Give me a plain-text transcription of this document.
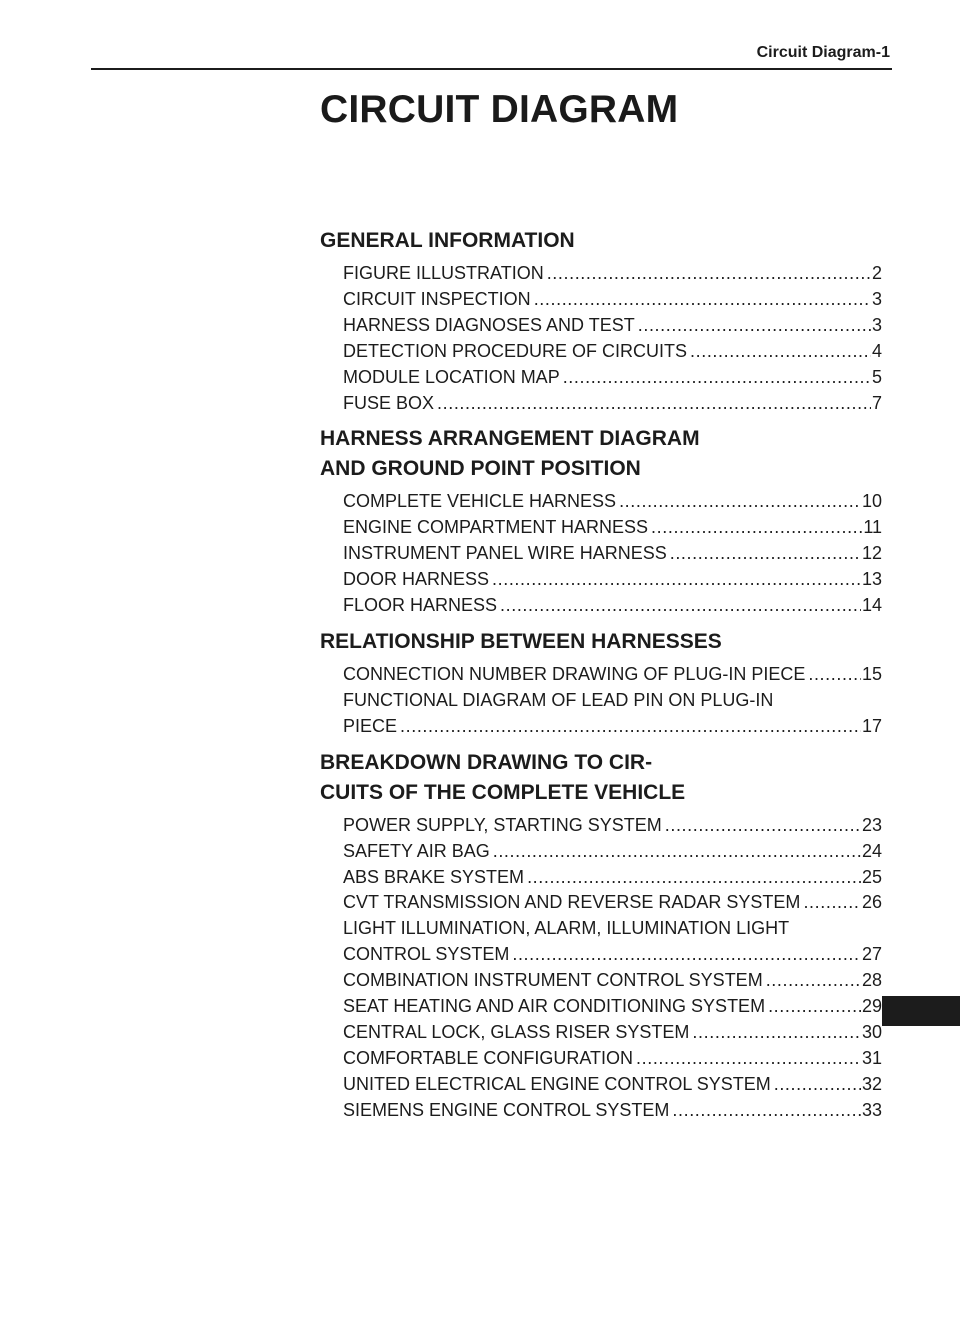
Circuit Diagram-1
CIRCUIT DIAGRAM
GENERAL INFORMATION
FIGURE ILLUSTRATION .....	2
CIRCUIT INSPECTION .....	3
HARNESS DIAGNOSES AND TEST .....	3
DETECTION PROCEDURE OF CIRCUITS .....	4
MODULE LOCATION MAP .....	5
FUSE BOX .....	7
HARNESS ARRANGEMENT DIAGRAM
AND GROUND POINT POSITION
COMPLETE VEHICLE HARNESS .....	10
ENGINE COMPARTMENT HARNESS .....	11
INSTRUMENT PANEL WIRE HARNESS .....	12
DOOR HARNESS .....	13
FLOOR HARNESS .....	14
RELATIONSHIP BETWEEN HARNESSES
CONNECTION NUMBER DRAWING OF PLUG-IN PIECE .....	15
FUNCTIONAL DIAGRAM OF LEAD PIN ON PLUG-IN
PIECE .....	17
BREAKDOWN DRAWING TO CIR-
CUITS OF THE COMPLETE VEHICLE
POWER SUPPLY, STARTING SYSTEM .....	23
SAFETY AIR BAG .....	24
ABS BRAKE SYSTEM .....	25
CVT TRANSMISSION AND REVERSE RADAR SYSTEM .....	26
LIGHT ILLUMINATION, ALARM, ILLUMINATION LIGHT
CONTROL SYSTEM .....	27
COMBINATION INSTRUMENT CONTROL SYSTEM .....	28
SEAT HEATING AND AIR CONDITIONING SYSTEM .....	29
CENTRAL LOCK, GLASS RISER SYSTEM .....	30
COMFORTABLE CONFIGURATION .....	31
UNITED ELECTRICAL ENGINE CONTROL SYSTEM .....	32
SIEMENS ENGINE CONTROL SYSTEM .....	33
